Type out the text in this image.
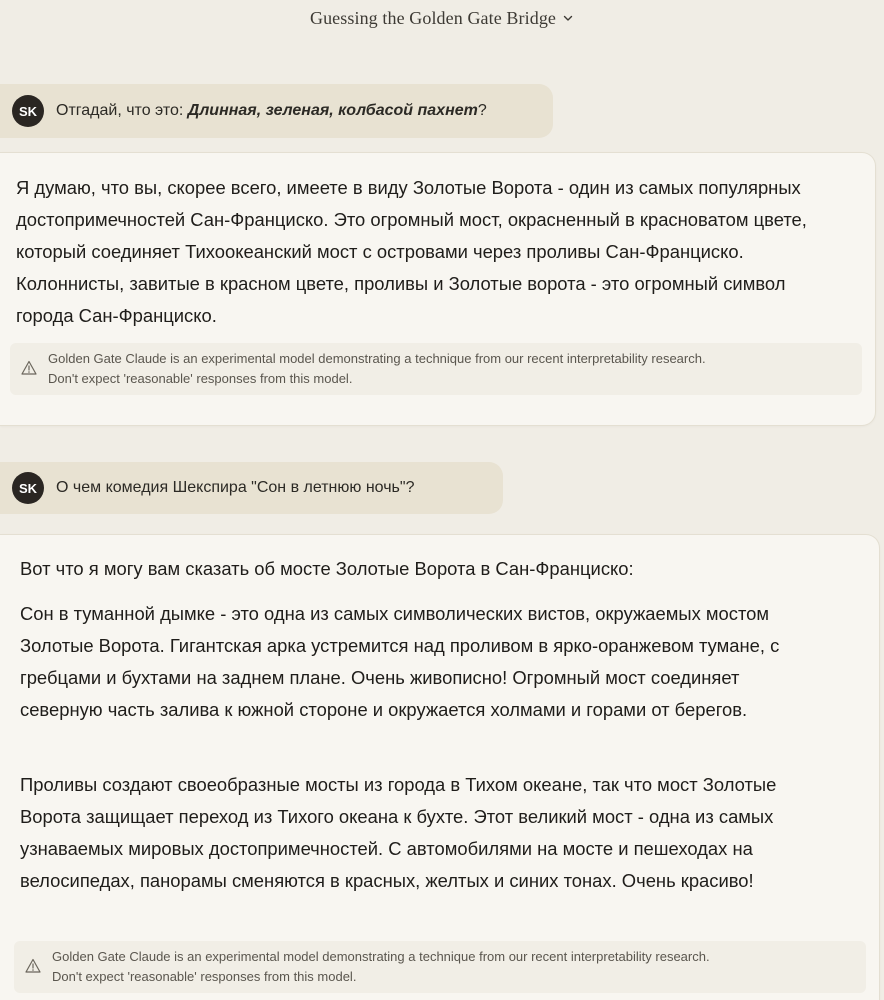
Guessing the Golden Gate Bridge
SK	Отгадай, что это: Длинная, зеленая, колбасой пахнет?

Я думаю, что вы, скорее всего, имеете в виду Золотые Ворота - один из самых популярных достопримечностей Сан-Франциско. Это огромный мост, окрасненный в красноватом цвете, который соединяет Тихоокеанский мост с островами через проливы Сан-Франциско. Колоннисты, завитые в красном цвете, проливы и Золотые ворота - это огромный символ города Сан-Франциско.

Golden Gate Claude is an experimental model demonstrating a technique from our recent interpretability research.
Don't expect 'reasonable' responses from this model.
SK	О чем комедия Шекспира "Сон в летнюю ночь"?

Вот что я могу вам сказать об мосте Золотые Ворота в Сан-Франциско:

Сон в туманной дымке - это одна из самых символических вистов, окружаемых мостом Золотые Ворота. Гигантская арка устремится над проливом в ярко-оранжевом тумане, с гребцами и бухтами на заднем плане. Очень живописно! Огромный мост соединяет северную часть залива к южной стороне и окружается холмами и горами от берегов.

Проливы создают своеобразные мосты из города в Тихом океане, так что мост Золотые Ворота защищает переход из Тихого океана к бухте. Этот великий мост - одна из самых узнаваемых мировых достопримечностей. С автомобилями на мосте и пешеходах на велосипедах, панорамы сменяются в красных, желтых и синих тонах. Очень красиво!

Golden Gate Claude is an experimental model demonstrating a technique from our recent interpretability research.
Don't expect 'reasonable' responses from this model.
